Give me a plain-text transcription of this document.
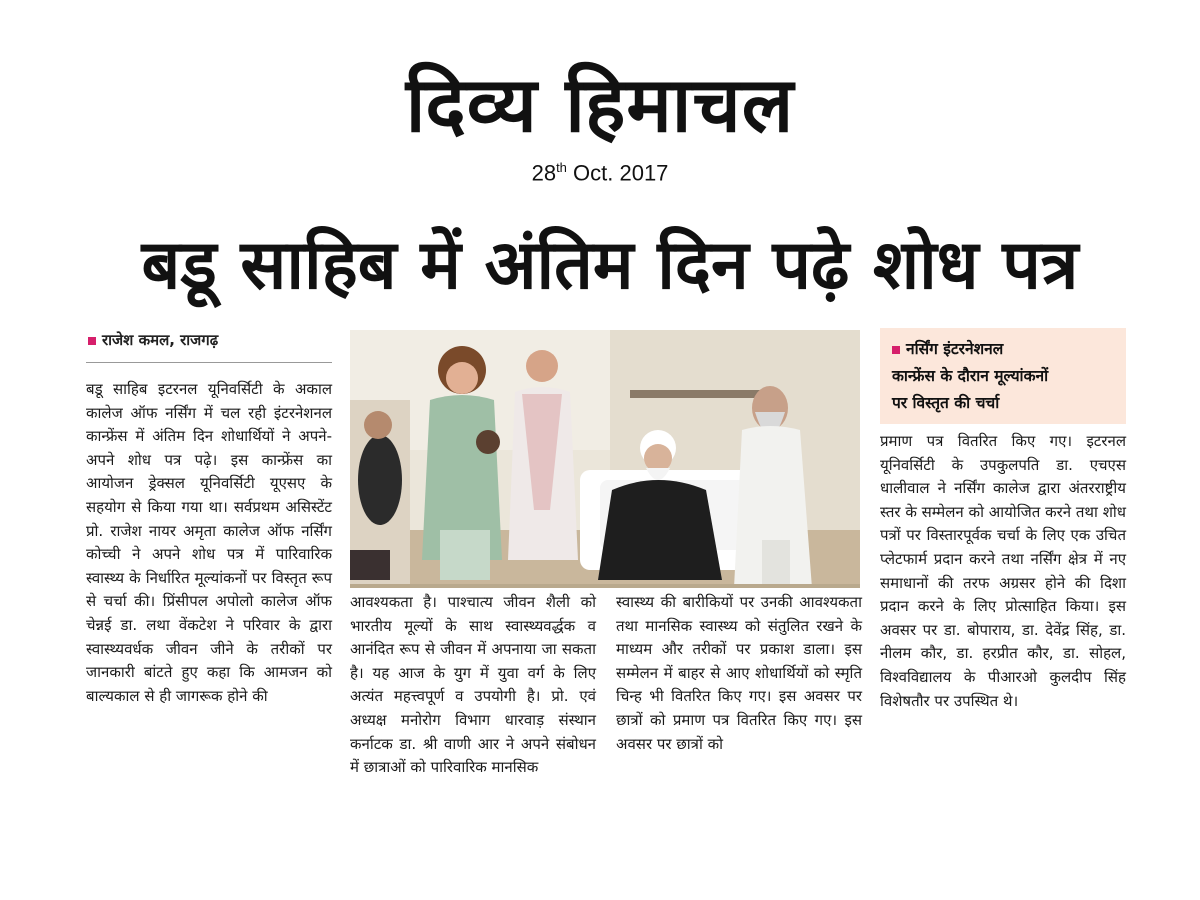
दिव्य हिमाचल
28th Oct. 2017
बडू साहिब में अंतिम दिन पढ़े शोध पत्र
राजेश कमल, राजगढ़

बडू साहिब इटरनल यूनिवर्सिटी के अकाल कालेज ऑफ नर्सिंग में चल रही इंटरनेशनल कान्फ्रेंस में अंतिम दिन शोधार्थियों ने अपने-अपने शोध पत्र पढ़े। इस कान्फ्रेंस का आयोजन ड्रेक्सल यूनिवर्सिटी यूएसए के सहयोग से किया गया था। सर्वप्रथम असिस्टेंट प्रो. राजेश नायर अमृता कालेज ऑफ नर्सिंग कोच्ची ने अपने शोध पत्र में पारिवारिक स्वास्थ्य के निर्धारित मूल्यांकनों पर विस्तृत रूप से चर्चा की। प्रिंसीपल अपोलो कालेज ऑफ चेन्नई डा. लथा वेंकटेश ने परिवार के द्वारा स्वास्थ्यवर्धक जीवन जीने के तरीकों पर जानकारी बांटते हुए कहा कि आमजन को बाल्यकाल से ही जागरूक होने की

आवश्यकता है। पाश्चात्य जीवन शैली को भारतीय मूल्यों के साथ स्वास्थ्यवर्द्धक व आनंदित रूप से जीवन में अपनाया जा सकता है। यह आज के युग में युवा वर्ग के लिए अत्यंत महत्त्वपूर्ण व उपयोगी है। प्रो. एवं अध्यक्ष मनोरोग विभाग धारवाड़ संस्थान कर्नाटक डा. श्री वाणी आर ने अपने संबोधन में छात्राओं को पारिवारिक मानसिक

स्वास्थ्य की बारीकियों पर उनकी आवश्यकता तथा मानसिक स्वास्थ्य को संतुलित रखने के माध्यम और तरीकों पर प्रकाश डाला। इस सम्मेलन में बाहर से आए शोधार्थियों को स्मृति चिन्ह भी वितरित किए गए। इस अवसर पर छात्रों को प्रमाण पत्र वितरित किए गए। इस अवसर पर छात्रों को

नर्सिंग इंटरनेशनल
कान्फ्रेंस के दौरान मूल्यांकनों
पर विस्तृत की चर्चा

प्रमाण पत्र वितरित किए गए। इटरनल यूनिवर्सिटी के उपकुलपति डा. एचएस धालीवाल ने नर्सिंग कालेज द्वारा अंतरराष्ट्रीय स्तर के सम्मेलन को आयोजित करने तथा शोध पत्रों पर विस्तारपूर्वक चर्चा के लिए एक उचित प्लेटफार्म प्रदान करने तथा नर्सिंग क्षेत्र में नए समाधानों की तरफ अग्रसर होने की दिशा प्रदान करने के लिए प्रोत्साहित किया। इस अवसर पर डा. बोपाराय, डा. देवेंद्र सिंह, डा. नीलम कौर, डा. हरप्रीत कौर, डा. सोहल, विश्वविद्यालय के पीआरओ कुलदीप सिंह विशेषतौर पर उपस्थित थे।
